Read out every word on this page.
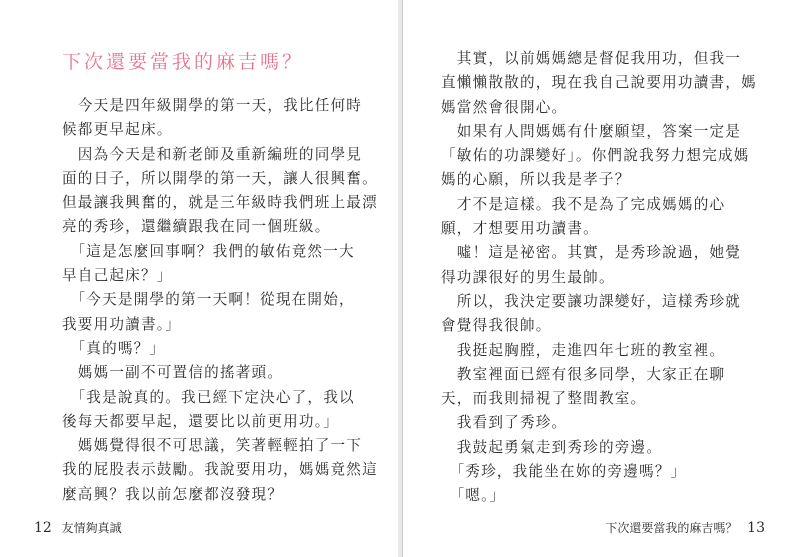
下次還要當我的麻吉嗎？
　今天是四年級開學的第一天，我比任何時
候都更早起床。
　因為今天是和新老師及重新編班的同學見
面的日子，所以開學的第一天，讓人很興奮。
但最讓我興奮的，就是三年級時我們班上最漂
亮的秀珍，還繼續跟我在同一個班級。
　「這是怎麼回事啊？我們的敏佑竟然一大
早自己起床？」
　「今天是開學的第一天啊！從現在開始，
我要用功讀書。」
　「真的嗎？」
　媽媽一副不可置信的搖著頭。
　「我是說真的。我已經下定決心了，我以
後每天都要早起，還要比以前更用功。」
　媽媽覺得很不可思議，笑著輕輕拍了一下
我的屁股表示鼓勵。我說要用功，媽媽竟然這
麼高興？我以前怎麼都沒發現？
12 友情夠真誠
　其實，以前媽媽總是督促我用功，但我一
直懶懶散散的，現在我自己說要用功讀書，媽
媽當然會很開心。
　如果有人問媽媽有什麼願望，答案一定是
「敏佑的功課變好」。你們說我努力想完成媽
媽的心願，所以我是孝子？
　才不是這樣。我不是為了完成媽媽的心
願，才想要用功讀書。
　噓！這是祕密。其實，是秀珍說過，她覺
得功課很好的男生最帥。
　所以，我決定要讓功課變好，這樣秀珍就
會覺得我很帥。
　我挺起胸膛，走進四年七班的教室裡。
　教室裡面已經有很多同學，大家正在聊
天，而我則掃視了整間教室。
　我看到了秀珍。
　我鼓起勇氣走到秀珍的旁邊。
　「秀珍，我能坐在妳的旁邊嗎？」
　「嗯。」
下次還要當我的麻吉嗎？ 13
